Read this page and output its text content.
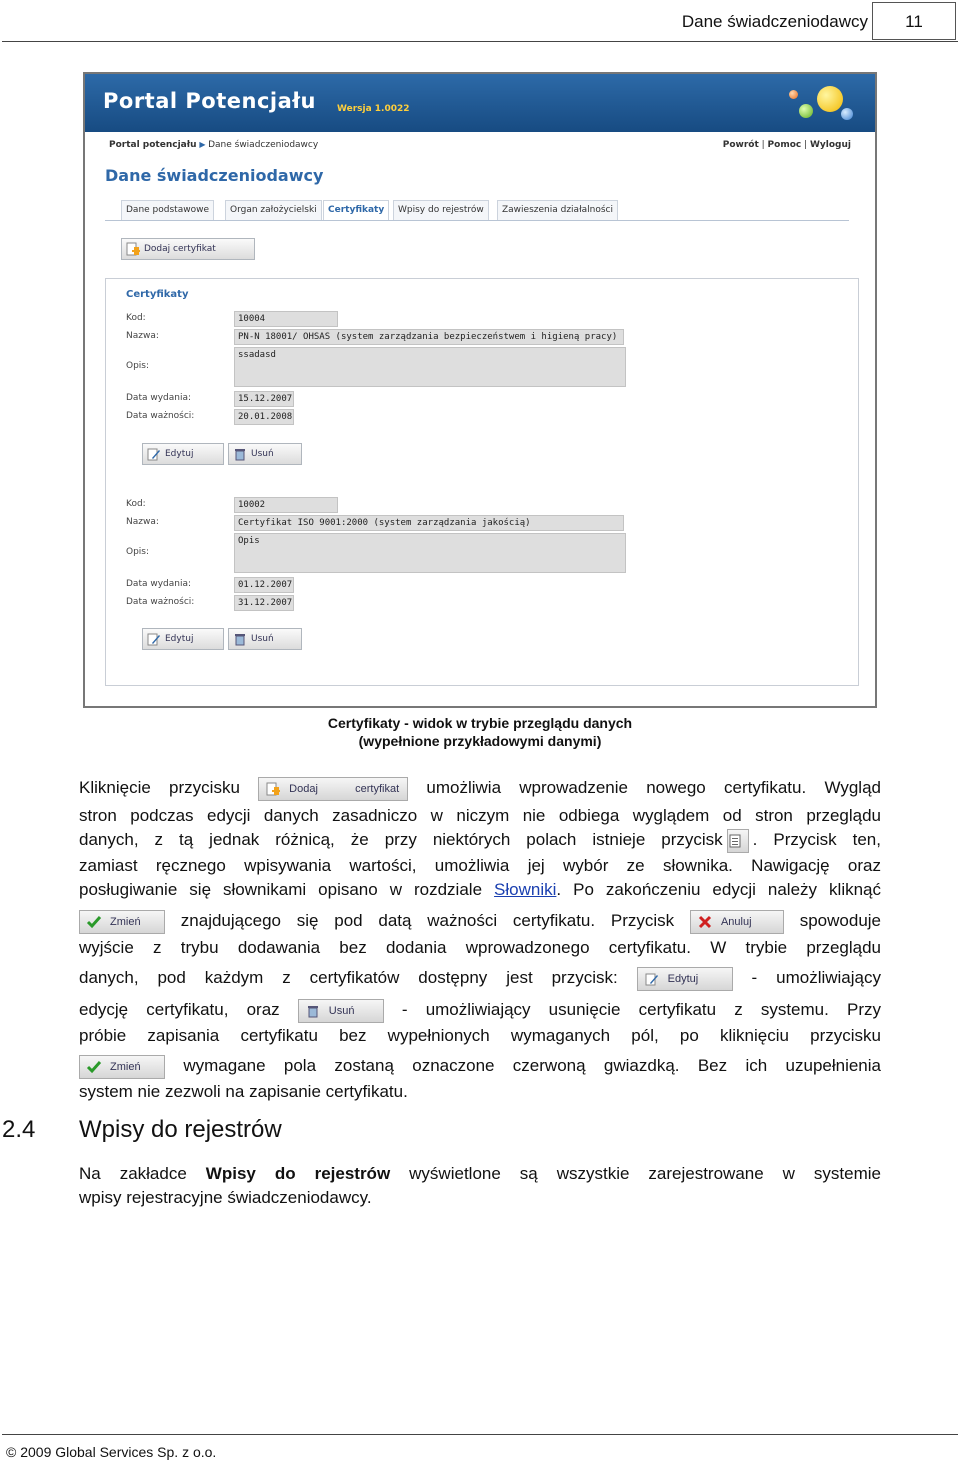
Dane świadczeniodawcy	11
Portal Potencjału Wersja 1.0022
Portal potencjału ▶ Dane świadczeniodawcy	Powrót | Pomoc | Wyloguj
Dane świadczeniodawcy
Dane podstawowe	Organ założycielski	Certyfikaty	Wpisy do rejestrów	Zawieszenia działalności
Dodaj certyfikat
Certyfikaty
Kod:	10004
Nazwa:	PN-N 18001/ OHSAS (system zarządzania bezpieczeństwem i higieną pracy)
Opis:
ssadasd
Data wydania:	15.12.2007
Data ważności:	20.01.2008
Edytuj	Usuń
Kod:	10002
Nazwa:	Certyfikat ISO 9001:2000 (system zarządzania jakością)
Opis:
Opis
Data wydania:	01.12.2007
Data ważności:	31.12.2007
Edytuj	Usuń
Certyfikaty - widok w trybie przeglądu danych
(wypełnione przykładowymi danymi)
Kliknięcie przycisku	Dodaj certyfikat umożliwia wprowadzenie nowego certyfikatu. Wygląd
stron podczas edycji danych zasadniczo w niczym nie odbiega wyglądem od stron przeglądu
danych, z tą jednak różnicą, że przy niektórych polach istnieje przycisk . Przycisk ten,
zamiast ręcznego wpisywania wartości, umożliwia jej wybór ze słownika. Nawigację oraz
posługiwanie się słownikami opisano w rozdziale Słowniki. Po zakończeniu edycji należy kliknąć
Zmień znajdującego się pod datą ważności certyfikatu. Przycisk	Anuluj	spowoduje
wyjście z trybu dodawania bez dodania wprowadzonego certyfikatu. W trybie przeglądu
danych, pod każdym z certyfikatów dostępny jest przycisk:	Edytuj	- umożliwiający
edycję certyfikatu, oraz	Usuń	- umożliwiający usunięcie certyfikatu z systemu. Przy
próbie zapisania certyfikatu bez wypełnionych wymaganych pól, po kliknięciu przycisku
Zmień	wymagane pola zostaną oznaczone czerwoną gwiazdką. Bez ich uzupełnienia
system nie zezwoli na zapisanie certyfikatu.
2.4 Wpisy do rejestrów
Na zakładce Wpisy do rejestrów wyświetlone są wszystkie zarejestrowane w systemie
wpisy rejestracyjne świadczeniodawcy.
© 2009 Global Services Sp. z o.o.
